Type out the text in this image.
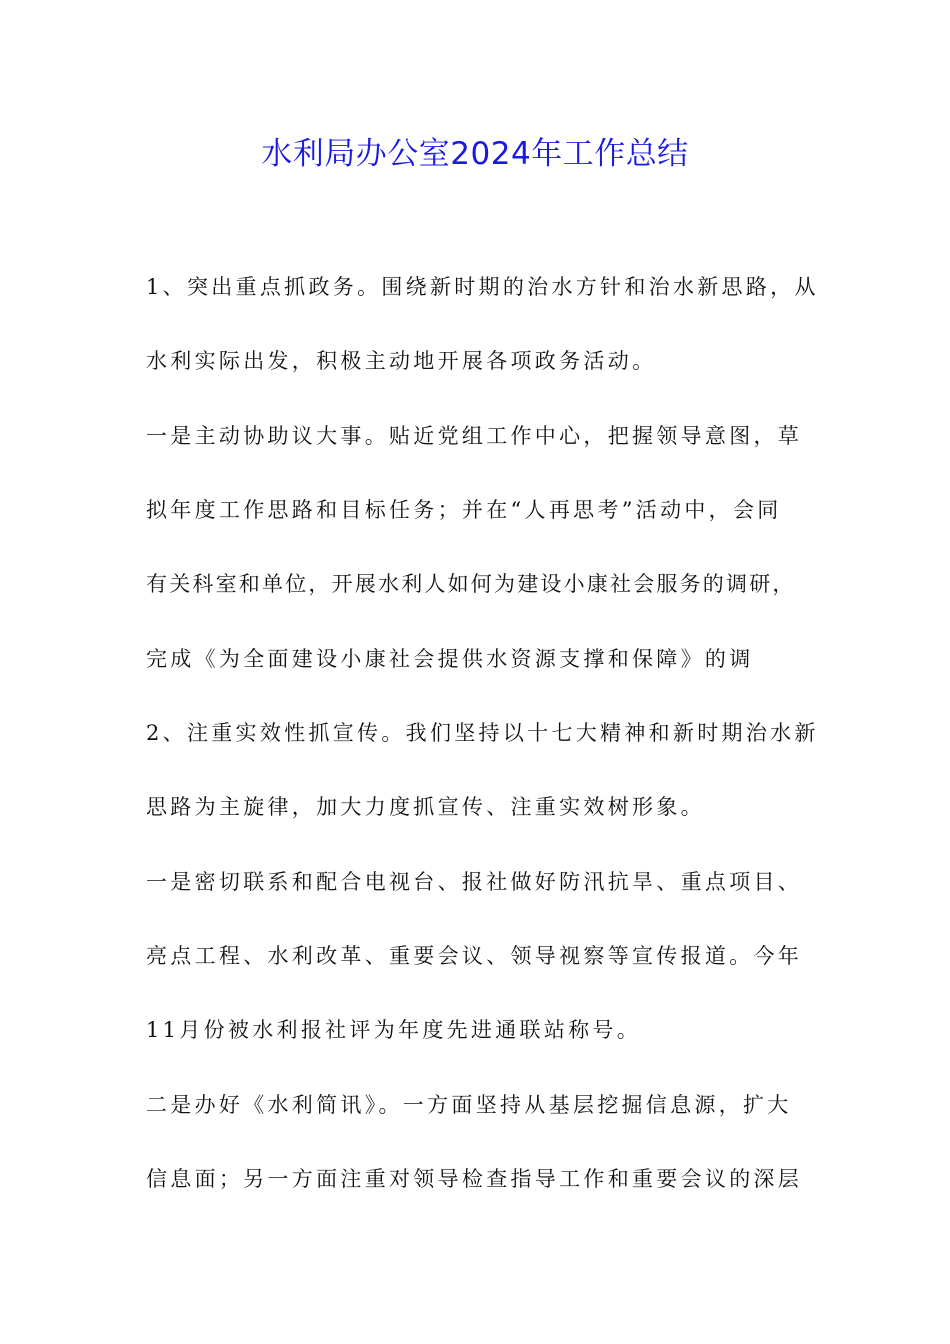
水利局办公室2024年工作总结
1、突出重点抓政务。围绕新时期的治水方针和治水新思路，从
水利实际出发，积极主动地开展各项政务活动。
一是主动协助议大事。贴近党组工作中心，把握领导意图，草
拟年度工作思路和目标任务；并在“人再思考”活动中，会同
有关科室和单位，开展水利人如何为建设小康社会服务的调研，
完成《为全面建设小康社会提供水资源支撑和保障》的调
2、注重实效性抓宣传。我们坚持以十七大精神和新时期治水新
思路为主旋律，加大力度抓宣传、注重实效树形象。
一是密切联系和配合电视台、报社做好防汛抗旱、重点项目、
亮点工程、水利改革、重要会议、领导视察等宣传报道。今年
11月份被水利报社评为年度先进通联站称号。
二是办好《水利简讯》。一方面坚持从基层挖掘信息源，扩大
信息面；另一方面注重对领导检查指导工作和重要会议的深层
